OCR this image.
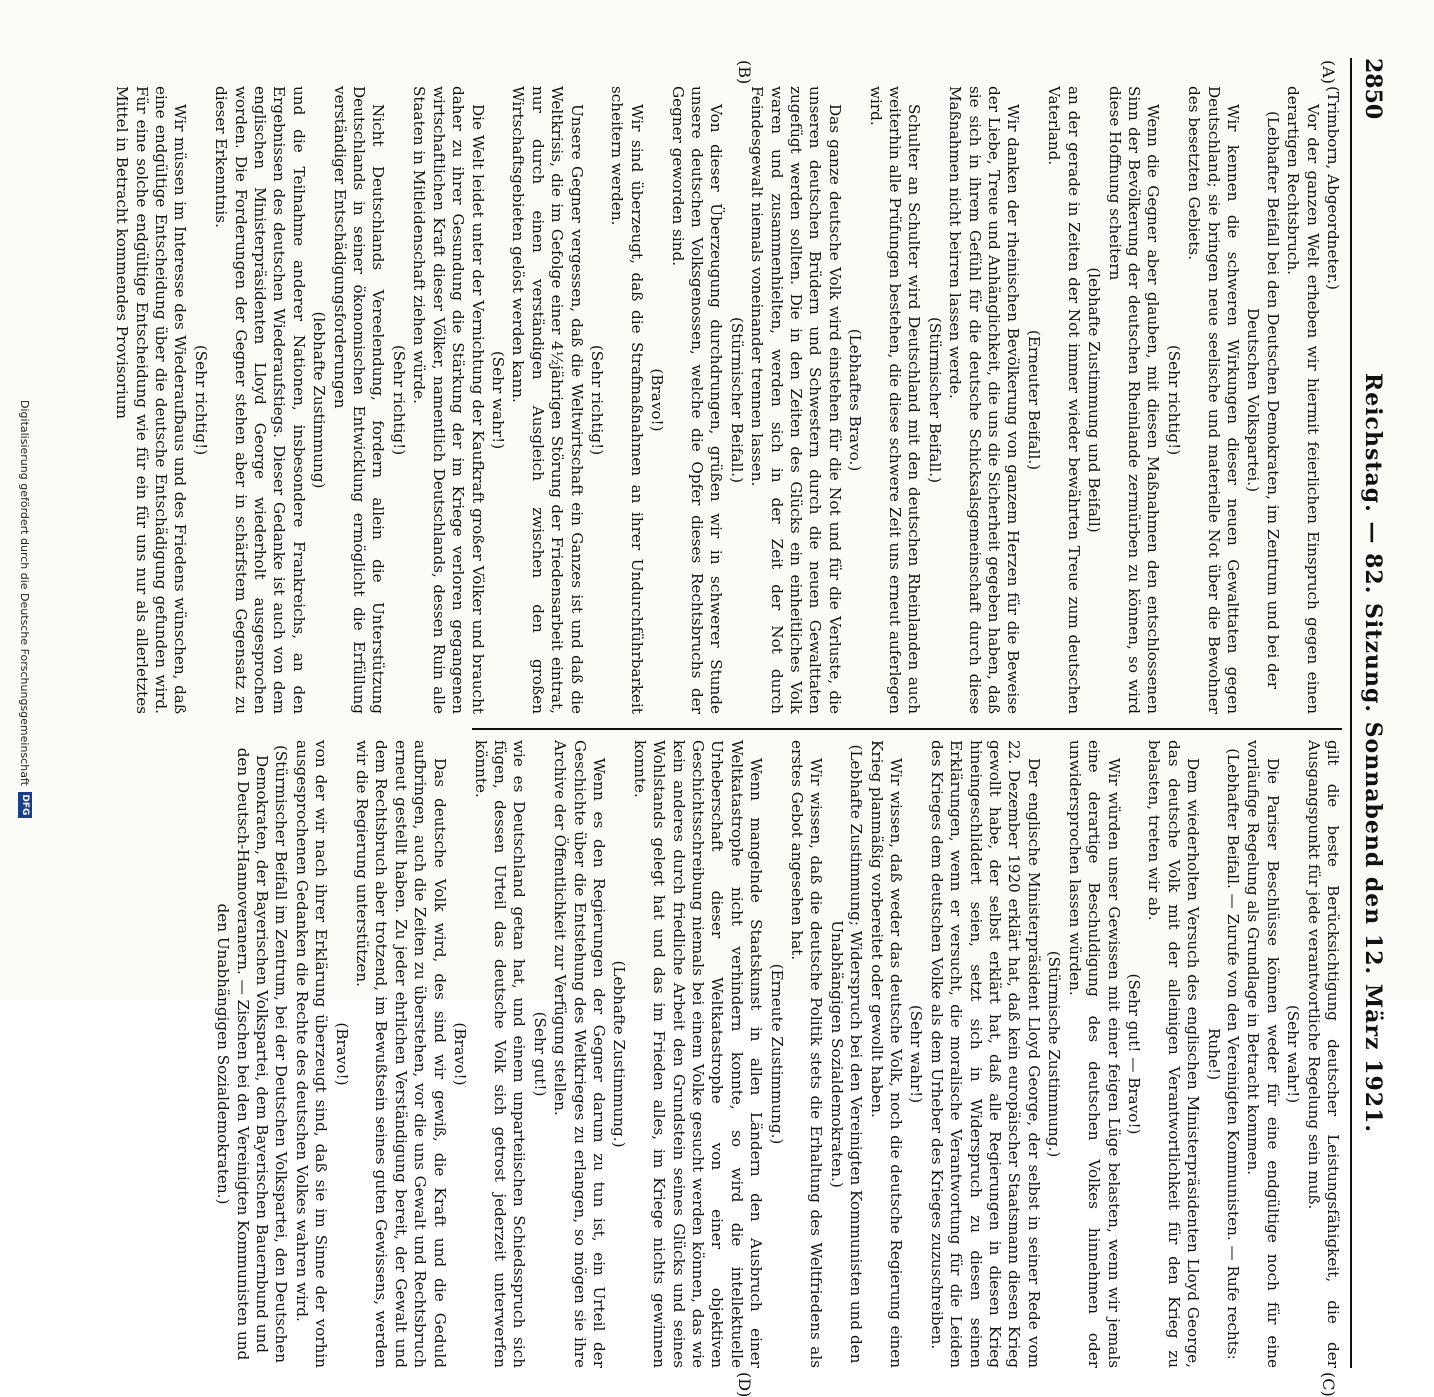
2850
Reichstag. — 82. Sitzung. Sonnabend den 12. März 1921.
(A)
(B)
(C)
(D)

(Trimborn, Abgeordneter.)

Vor der ganzen Welt erheben wir hiermit feierlichen Einspruch gegen einen derartigen Rechtsbruch.

(Lebhafter Beifall bei den Deutschen Demokraten, im Zentrum und bei der Deutschen Volkspartei.)

Wir kennen die schweren Wirkungen dieser neuen Gewalttaten gegen Deutschland; sie bringen neue seelische und materielle Not über die Bewohner des besetzten Gebiets.

(Sehr richtig!)

Wenn die Gegner aber glauben, mit diesen Maßnahmen den entschlossenen Sinn der Bevölkerung der deutschen Rheinlande zermürben zu können, so wird diese Hoffnung scheitern

(lebhafte Zustimmung und Beifall)

an der gerade in Zeiten der Not immer wieder bewährten Treue zum deutschen Vaterland.

(Erneuter Beifall.)

Wir danken der rheinischen Bevölkerung von ganzem Herzen für die Beweise der Liebe, Treue und Anhänglichkeit, die uns die Sicherheit gegeben haben, daß sie sich in ihrem Gefühl für die deutsche Schicksalsgemeinschaft durch diese Maßnahmen nicht beirren lassen werde.

(Stürmischer Beifall.)

Schulter an Schulter wird Deutschland mit den deutschen Rheinlanden auch weiterhin alle Prüfungen bestehen, die diese schwere Zeit uns erneut auferlegen wird.

(Lebhaftes Bravo.)

Das ganze deutsche Volk wird einstehen für die Not und für die Verluste, die unseren deutschen Brüdern und Schwestern durch die neuen Gewalttaten zugefügt werden sollten. Die in den Zeiten des Glücks ein einheitliches Volk waren und zusammenhielten, werden sich in der Zeit der Not durch Feindesgewalt niemals voneinander trennen lassen.

(Stürmischer Beifall.)

Von dieser Überzeugung durchdrungen, grüßen wir in schwerer Stunde unsere deutschen Volksgenossen, welche die Opfer dieses Rechtsbruchs der Gegner geworden sind.

(Bravo!)

Wir sind überzeugt, daß die Strafmaßnahmen an ihrer Undurchführbarkeit scheitern werden.

(Sehr richtig!)

Unsere Gegner vergessen, daß die Weltwirtschaft ein Ganzes ist und daß die Weltkrisis, die im Gefolge einer 4½jährigen Störung der Friedensarbeit eintrat, nur durch einen verständigen Ausgleich zwischen den großen Wirtschaftsgebieten gelöst werden kann.

(Sehr wahr!)

Die Welt leidet unter der Vernichtung der Kaufkraft großer Völker und braucht daher zu ihrer Gesundung die Stärkung der im Kriege verloren gegangenen wirtschaftlichen Kraft dieser Völker, namentlich Deutschlands, dessen Ruin alle Staaten in Mitleidenschaft ziehen würde.

(Sehr richtig!)

Nicht Deutschlands Vereelendung, fordern allein die Unterstützung Deutschlands in seiner ökonomischen Entwicklung ermöglicht die Erfüllung verständiger Entschädigungsforderungen

(lebhafte Zustimmung)

und die Teilnahme anderer Nationen, insbesondere Frankreichs, an den Ergebnissen des deutschen Wiederaufstiegs. Dieser Gedanke ist auch von dem englischen Ministerpräsidenten Lloyd George wiederholt ausgesprochen worden. Die Forderungen der Gegner stehen aber in schärfstem Gegensatz zu dieser Erkenntnis.

(Sehr richtig!)

Wir müssen im Interesse des Wiederaufbaus und des Friedens wünschen, daß eine endgültige Entscheidung über die deutsche Entschädigung gefunden wird. Für eine solche endgültige Entscheidung wie für ein für uns nur als allerletztes Mittel in Betracht kommendes Provisorium

gilt die beste Berücksichtigung deutscher Leistungsfähigkeit, die der Ausgangspunkt für jede verantwortliche Regelung sein muß.

(Sehr wahr!)

Die Pariser Beschlüsse können weder für eine endgültige noch für eine vorläufige Regelung als Grundlage in Betracht kommen.

(Lebhafter Beifall. — Zurufe von den Vereinigten Kommunisten. — Rufe rechts: Ruhe!)

Dem wiederholten Versuch des englischen Ministerpräsidenten Lloyd George, das deutsche Volk mit der alleinigen Verantwortlichkeit für den Krieg zu belasten, treten wir ab.

(Sehr gut! — Bravo!)

Wir würden unser Gewissen mit einer feigen Lüge belasten, wenn wir jemals eine derartige Beschuldigung des deutschen Volkes hinnehmen oder unwidersprochen lassen würden.

(Stürmische Zustimmung.)

Der englische Ministerpräsident Lloyd George, der selbst in seiner Rede vom 22. Dezember 1920 erklärt hat, daß kein europäischer Staatsmann diesen Krieg gewollt habe, der selbst erklärt hat, daß alle Regierungen in diesen Krieg hineingeschliddert seien, setzt sich in Widerspruch zu diesen seinen Erklärungen, wenn er versucht, die moralische Verantwortung für die Leiden des Krieges dem deutschen Volke als dem Urheber des Krieges zuzuschreiben.

(Sehr wahr!)

Wir wissen, daß weder das deutsche Volk, noch die deutsche Regierung einen Krieg planmäßig vorbereitet oder gewollt haben.

(Lebhafte Zustimmung; Widerspruch bei den Vereinigten Kommunisten und den Unabhängigen Sozialdemokraten.)

Wir wissen, daß die deutsche Politik stets die Erhaltung des Weltfriedens als erstes Gebot angesehen hat.

(Erneute Zustimmung.)

Wenn mangelnde Staatskunst in allen Ländern den Ausbruch einer Weltkatastrophe nicht verhindern konnte, so wird die intellektuelle Urheberschaft dieser Weltkatastrophe von einer objektiven Geschichtsschreibung niemals bei einem Volke gesucht werden können, das wie kein anderes durch friedliche Arbeit den Grundstein seines Glücks und seines Wohlstands gelegt hat und das im Frieden alles, im Kriege nichts gewinnen konnte.

(Lebhafte Zustimmung.)

Wenn es den Regierungen der Gegner darum zu tun ist, ein Urteil der Geschichte über die Entstehung des Weltkrieges zu erlangen, so mögen sie ihre Archive der Öffentlichkeit zur Verfügung stellen.

(Sehr gut!)

wie es Deutschland getan hat, und einem unparteiischen Schiedsspruch sich fügen, dessen Urteil das deutsche Volk sich getrost jederzeit unterwerfen könnte.

(Bravo!)

Das deutsche Volk wird, des sind wir gewiß, die Kraft und die Geduld aufbringen, auch die Zeiten zu überstehen, vor die uns Gewalt und Rechtsbruch erneut gestellt haben. Zu jeder ehrlichen Verständigung bereit, der Gewalt und dem Rechtsbruch aber trotzend, im Bewußtsein seines guten Gewissens, werden wir die Regierung unterstützen.

(Bravo!)

von der wir nach ihrer Erklärung überzeugt sind, daß sie im Sinne der vorhin ausgesprochenen Gedanken die Rechte des deutschen Volkes wahren wird.

(Stürmischer Beifall im Zentrum, bei der Deutschen Volkspartei, den Deutschen Demokraten, der Bayerischen Volkspartei, dem Bayerischen Bauernbund und den Deutsch-Hannoveranern. — Zischen bei den Vereinigten Kommunisten und den Unabhängigen Sozialdemokraten.)

Digitalisierung gefördert durch die Deutsche Forschungsgemeinschaft
DFG
